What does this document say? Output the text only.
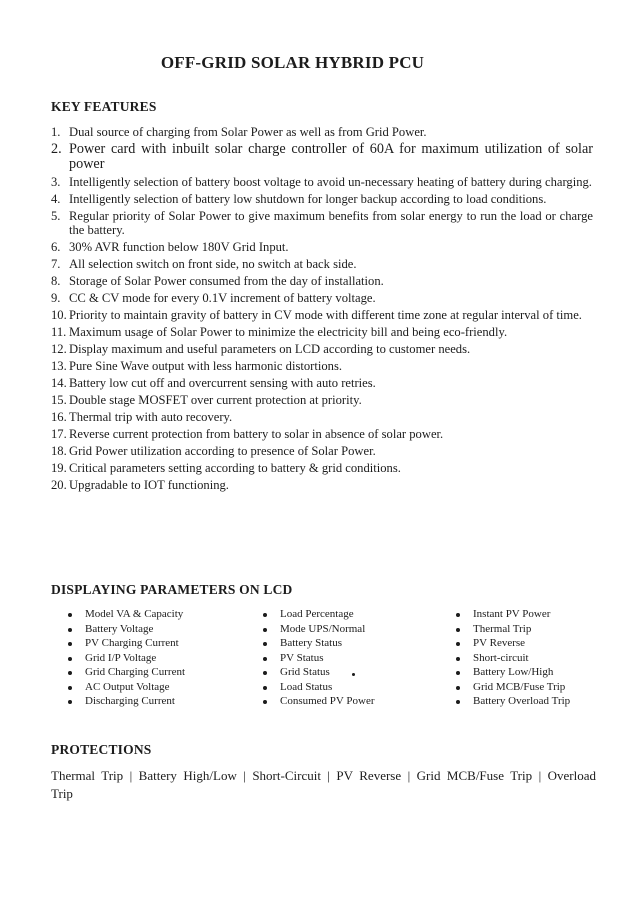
OFF-GRID SOLAR HYBRID PCU
KEY FEATURES
1. Dual source of charging from Solar Power as well as from Grid Power.
2. Power card with inbuilt solar charge controller of 60A for maximum utilization of solar power
3. Intelligently selection of battery boost voltage to avoid un-necessary heating of battery during charging.
4. Intelligently selection of battery low shutdown for longer backup according to load conditions.
5. Regular priority of Solar Power to give maximum benefits from solar energy to run the load or charge the battery.
6. 30% AVR function below 180V Grid Input.
7. All selection switch on front side, no switch at back side.
8. Storage of Solar Power consumed from the day of installation.
9. CC & CV mode for every 0.1V increment of battery voltage.
10. Priority to maintain gravity of battery in CV mode with different time zone at regular interval of time.
11. Maximum usage of Solar Power to minimize the electricity bill and being eco-friendly.
12. Display maximum and useful parameters on LCD according to customer needs.
13. Pure Sine Wave output with less harmonic distortions.
14. Battery low cut off and overcurrent sensing with auto retries.
15. Double stage MOSFET over current protection at priority.
16. Thermal trip with auto recovery.
17. Reverse current protection from battery to solar in absence of solar power.
18. Grid Power utilization according to presence of Solar Power.
19. Critical parameters setting according to battery & grid conditions.
20. Upgradable to IOT functioning.
DISPLAYING PARAMETERS ON LCD
Model VA & Capacity
Battery Voltage
PV Charging Current
Grid I/P Voltage
Grid Charging Current
AC Output Voltage
Discharging Current
Load Percentage
Mode UPS/Normal
Battery Status
PV Status
Grid Status
Load Status
Consumed PV Power
Instant PV Power
Thermal Trip
PV Reverse
Short-circuit
Battery Low/High
Grid MCB/Fuse Trip
Battery Overload Trip
PROTECTIONS
Thermal Trip | Battery High/Low | Short-Circuit | PV Reverse | Grid MCB/Fuse Trip | Overload Trip
